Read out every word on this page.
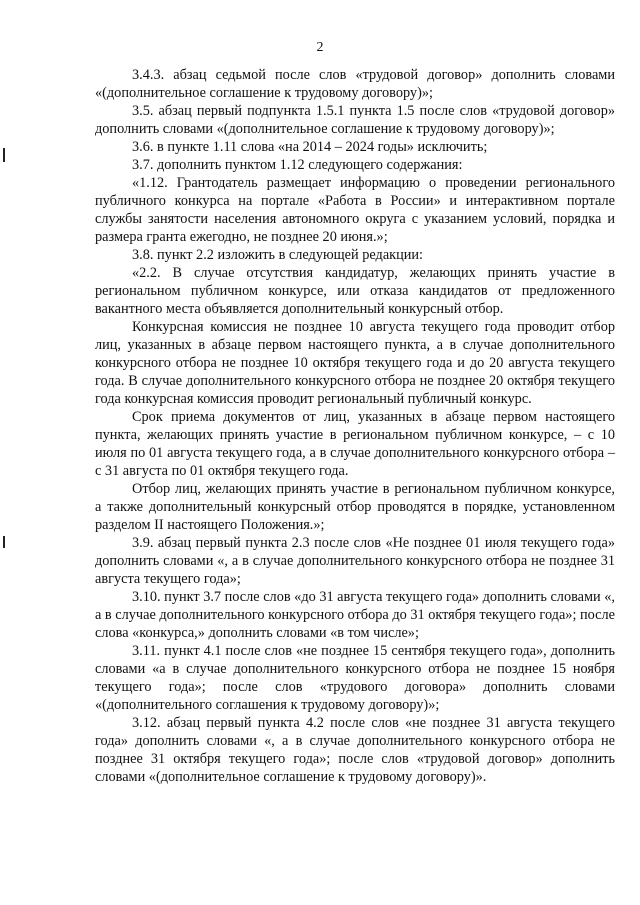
2

3.4.3. абзац седьмой после слов «трудовой договор» дополнить словами «(дополнительное соглашение к трудовому договору)»;

3.5. абзац первый подпункта 1.5.1 пункта 1.5 после слов «трудовой договор» дополнить словами «(дополнительное соглашение к трудовому договору)»;

3.6. в пункте 1.11 слова «на 2014 – 2024 годы» исключить;

3.7. дополнить пунктом 1.12 следующего содержания:

«1.12. Грантодатель размещает информацию о проведении регионального публичного конкурса на портале «Работа в России» и интерактивном портале службы занятости населения автономного округа с указанием условий, порядка и размера гранта ежегодно, не позднее 20 июня.»;

3.8. пункт 2.2 изложить в следующей редакции:

«2.2. В случае отсутствия кандидатур, желающих принять участие в региональном публичном конкурсе, или отказа кандидатов от предложенного вакантного места объявляется дополнительный конкурсный отбор.

Конкурсная комиссия не позднее 10 августа текущего года проводит отбор лиц, указанных в абзаце первом настоящего пункта, а в случае дополнительного конкурсного отбора не позднее 10 октября текущего года и до 20 августа текущего года. В случае дополнительного конкурсного отбора не позднее 20 октября текущего года конкурсная комиссия проводит региональный публичный конкурс.

Срок приема документов от лиц, указанных в абзаце первом настоящего пункта, желающих принять участие в региональном публичном конкурсе, – с 10 июля по 01 августа текущего года, а в случае дополнительного конкурсного отбора – с 31 августа по 01 октября текущего года.

Отбор лиц, желающих принять участие в региональном публичном конкурсе, а также дополнительный конкурсный отбор проводятся в порядке, установленном разделом II настоящего Положения.»;

3.9. абзац первый пункта 2.3 после слов «Не позднее 01 июля текущего года» дополнить словами «, а в случае дополнительного конкурсного отбора не позднее 31 августа текущего года»;

3.10. пункт 3.7 после слов «до 31 августа текущего года» дополнить словами «, а в случае дополнительного конкурсного отбора до 31 октября текущего года»; после слова «конкурса,» дополнить словами «в том числе»;

3.11. пункт 4.1 после слов «не позднее 15 сентября текущего года», дополнить словами «а в случае дополнительного конкурсного отбора не позднее 15 ноября текущего года»; после слов «трудового договора» дополнить словами «(дополнительного соглашения к трудовому договору)»;

3.12. абзац первый пункта 4.2 после слов «не позднее 31 августа текущего года» дополнить словами «, а в случае дополнительного конкурсного отбора не позднее 31 октября текущего года»; после слов «трудовой договор» дополнить словами «(дополнительное соглашение к трудовому договору)».
